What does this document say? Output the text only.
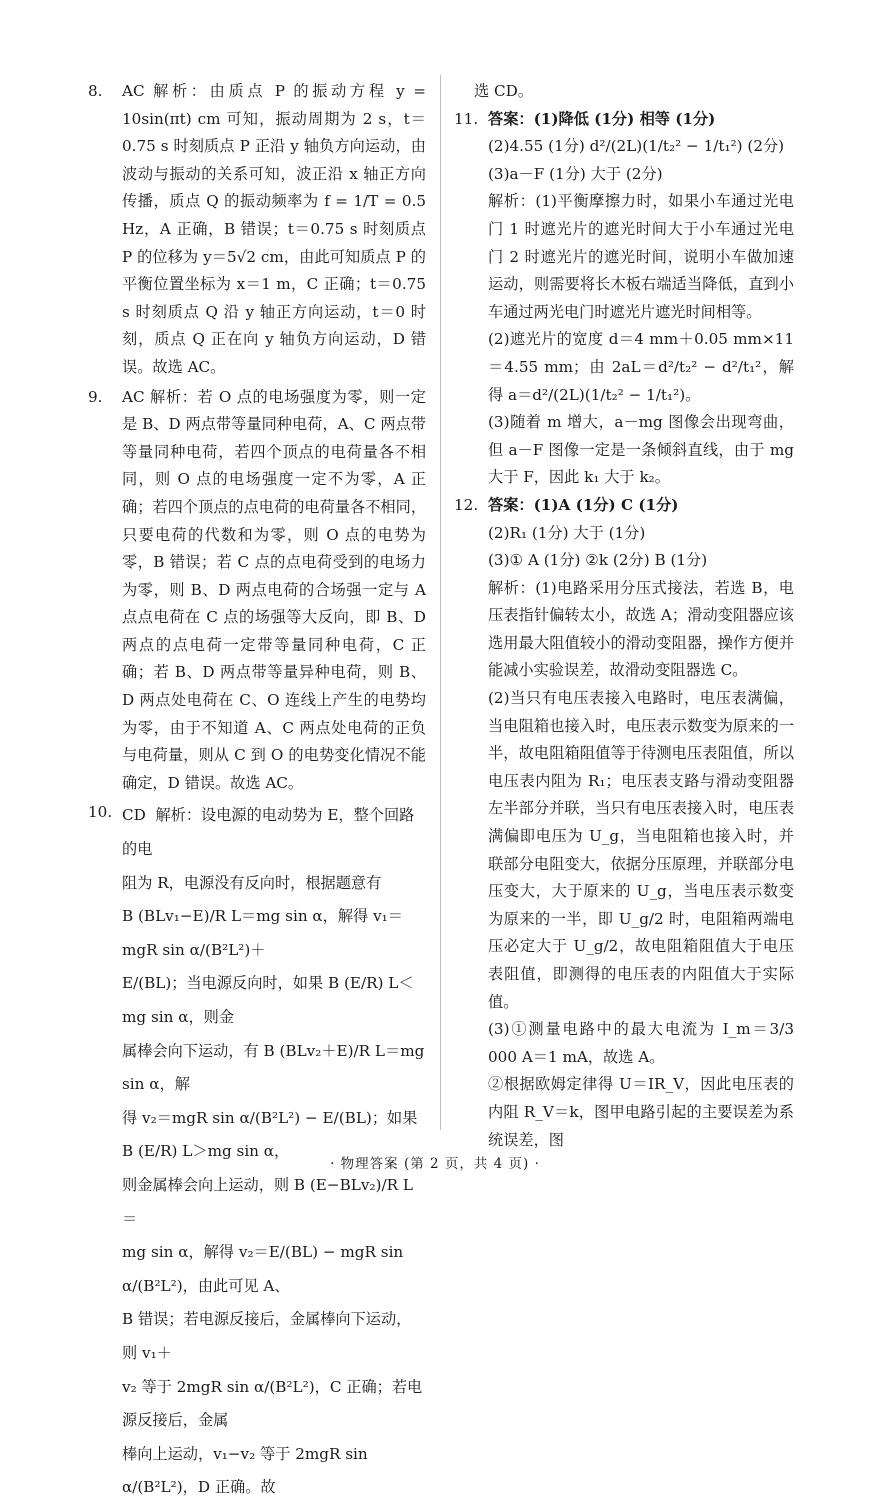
8. AC 解析：由质点 P 的振动方程 y = 10sin(πt) cm 可知，振动周期为 2 s，t＝0.75 s 时刻质点 P 正沿 y 轴负方向运动，由波动与振动的关系可知，波正沿 x 轴正方向传播，质点 Q 的振动频率为 f = 1/T = 0.5 Hz，A 正确，B 错误；t＝0.75 s 时刻质点 P 的位移为 y＝5√2 cm，由此可知质点 P 的平衡位置坐标为 x＝1 m，C 正确；t＝0.75 s 时刻质点 Q 沿 y 轴正方向运动，t＝0 时刻，质点 Q 正在向 y 轴负方向运动，D 错误。故选 AC。

9. AC 解析：若 O 点的电场强度为零，则一定是 B、D 两点带等量同种电荷，A、C 两点带等量同种电荷，若四个顶点的电荷量各不相同，则 O 点的电场强度一定不为零，A 正确；若四个顶点的点电荷的电荷量各不相同，只要电荷的代数和为零，则 O 点的电势为零，B 错误；若 C 点的点电荷受到的电场力为零，则 B、D 两点电荷的合场强一定与 A 点点电荷在 C 点的场强等大反向，即 B、D 两点的点电荷一定带等量同种电荷，C 正确；若 B、D 两点带等量异种电荷，则 B、D 两点处电荷在 C、O 连线上产生的电势均为零，由于不知道 A、C 两点处电荷的正负与电荷量，则从 C 到 O 的电势变化情况不能确定，D 错误。故选 AC。

10. CD  解析：设电源的电动势为 E，整个回路的电
阻为 R，电源没有反向时，根据题意有
B (BLv₁−E)/R L＝mg sin α，解得 v₁＝mgR sin α/(B²L²)＋
E/(BL)；当电源反向时，如果 B (E/R) L＜mg sin α，则金
属棒会向下运动，有 B (BLv₂＋E)/R L＝mg sin α，解
得 v₂＝mgR sin α/(B²L²) − E/(BL)；如果 B (E/R) L＞mg sin α，
则金属棒会向上运动，则 B (E−BLv₂)/R L＝
mg sin α，解得 v₂＝E/(BL) − mgR sin α/(B²L²)，由此可见 A、
B 错误；若电源反接后，金属棒向下运动，则 v₁＋
v₂ 等于 2mgR sin α/(B²L²)，C 正确；若电源反接后，金属
棒向上运动，v₁−v₂ 等于 2mgR sin α/(B²L²)，D 正确。故

选 CD。

11. 答案：(1)降低 (1分) 相等 (1分)

(2)4.55 (1分) d²/(2L)(1/t₂² − 1/t₁²) (2分)

(3)a－F (1分) 大于 (2分)

解析：(1)平衡摩擦力时，如果小车通过光电门 1 时遮光片的遮光时间大于小车通过光电门 2 时遮光片的遮光时间，说明小车做加速运动，则需要将长木板右端适当降低，直到小车通过两光电门时遮光片遮光时间相等。

(2)遮光片的宽度 d＝4 mm＋0.05 mm×11＝4.55 mm；由 2aL＝d²/t₂² − d²/t₁²，解得 a＝d²/(2L)(1/t₂² − 1/t₁²)。

(3)随着 m 增大，a－mg 图像会出现弯曲，但 a－F 图像一定是一条倾斜直线，由于 mg 大于 F，因此 k₁ 大于 k₂。

12. 答案：(1)A (1分) C (1分)

(2)R₁ (1分) 大于 (1分)

(3)① A (1分) ②k (2分) B (1分)

解析：(1)电路采用分压式接法，若选 B，电压表指针偏转太小，故选 A；滑动变阻器应该选用最大阻值较小的滑动变阻器，操作方便并能减小实验误差，故滑动变阻器选 C。

(2)当只有电压表接入电路时，电压表满偏，当电阻箱也接入时，电压表示数变为原来的一半，故电阻箱阻值等于待测电压表阻值，所以电压表内阻为 R₁；电压表支路与滑动变阻器左半部分并联，当只有电压表接入时，电压表满偏即电压为 U_g，当电阻箱也接入时，并联部分电阻变大，依据分压原理，并联部分电压变大，大于原来的 U_g，当电压表示数变为原来的一半，即 U_g/2 时，电阻箱两端电压必定大于 U_g/2，故电阻箱阻值大于电压表阻值，即测得的电压表的内阻值大于实际值。

(3)①测量电路中的最大电流为 I_m＝3/3 000 A＝1 mA，故选 A。

②根据欧姆定律得 U＝IR_V，因此电压表的内阻 R_V＝k，图甲电路引起的主要误差为系统误差，图

· 物理答案 (第 2 页，共 4 页) ·
